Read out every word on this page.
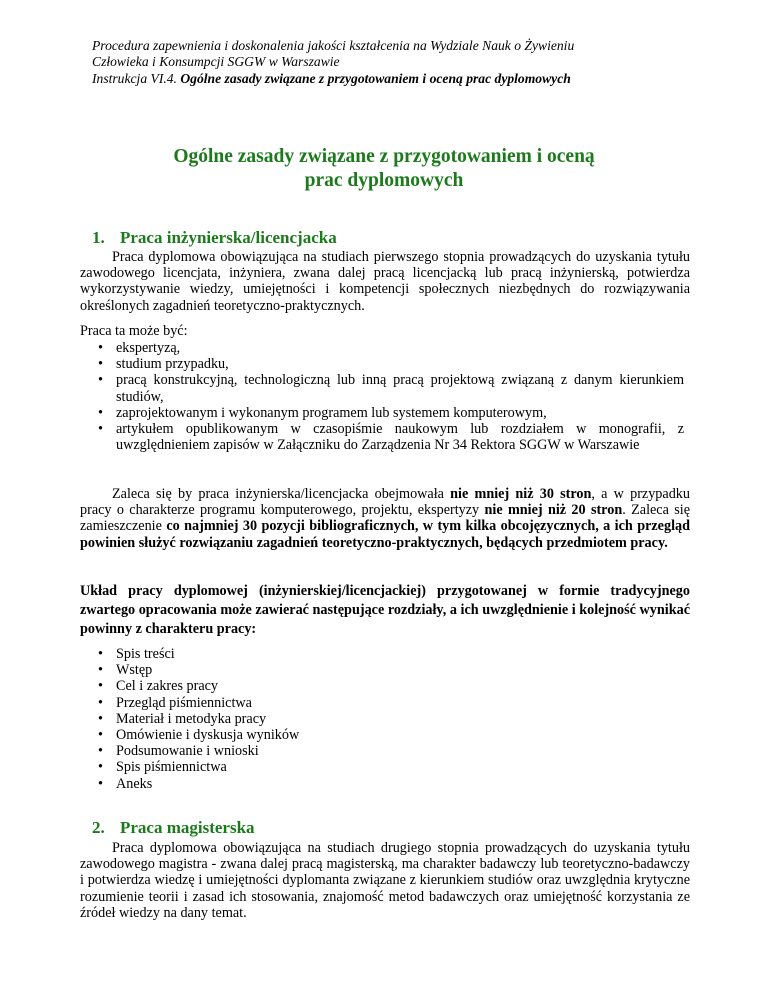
Procedura zapewnienia i doskonalenia jakości kształcenia na Wydziale Nauk o Żywieniu
Człowieka i Konsumpcji SGGW w Warszawie
Instrukcja VI.4. Ogólne zasady związane z przygotowaniem i oceną prac dyplomowych
Ogólne zasady związane z przygotowaniem i oceną
prac dyplomowych
1. Praca inżynierska/licencjacka
Praca dyplomowa obowiązująca na studiach pierwszego stopnia prowadzących do uzyskania tytułu zawodowego licencjata, inżyniera, zwana dalej pracą licencjacką lub pracą inżynierską, potwierdza wykorzystywanie wiedzy, umiejętności i kompetencji społecznych niezbędnych do rozwiązywania określonych zagadnień teoretyczno-praktycznych.
Praca ta może być:
• ekspertyzą,
• studium przypadku,
• pracą konstrukcyjną, technologiczną lub inną pracą projektową związaną z danym kierunkiem studiów,
• zaprojektowanym i wykonanym programem lub systemem komputerowym,
• artykułem opublikowanym w czasopiśmie naukowym lub rozdziałem w monografii, z uwzględnieniem zapisów w Załączniku do Zarządzenia Nr 34 Rektora SGGW w Warszawie
Zaleca się by praca inżynierska/licencjacka obejmowała nie mniej niż 30 stron, a w przypadku pracy o charakterze programu komputerowego, projektu, ekspertyzy nie mniej niż 20 stron. Zaleca się zamieszczenie co najmniej 30 pozycji bibliograficznych, w tym kilka obcojęzycznych, a ich przegląd powinien służyć rozwiązaniu zagadnień teoretyczno-praktycznych, będących przedmiotem pracy.
Układ pracy dyplomowej (inżynierskiej/licencjackiej) przygotowanej w formie tradycyjnego zwartego opracowania może zawierać następujące rozdziały, a ich uwzględnienie i kolejność wynikać powinny z charakteru pracy:
• Spis treści
• Wstęp
• Cel i zakres pracy
• Przegląd piśmiennictwa
• Materiał i metodyka pracy
• Omówienie i dyskusja wyników
• Podsumowanie i wnioski
• Spis piśmiennictwa
• Aneks
2. Praca magisterska
Praca dyplomowa obowiązująca na studiach drugiego stopnia prowadzących do uzyskania tytułu zawodowego magistra - zwana dalej pracą magisterską, ma charakter badawczy lub teoretyczno-badawczy i potwierdza wiedzę i umiejętności dyplomanta związane z kierunkiem studiów oraz uwzględnia krytyczne rozumienie teorii i zasad ich stosowania, znajomość metod badawczych oraz umiejętność korzystania ze źródeł wiedzy na dany temat.
